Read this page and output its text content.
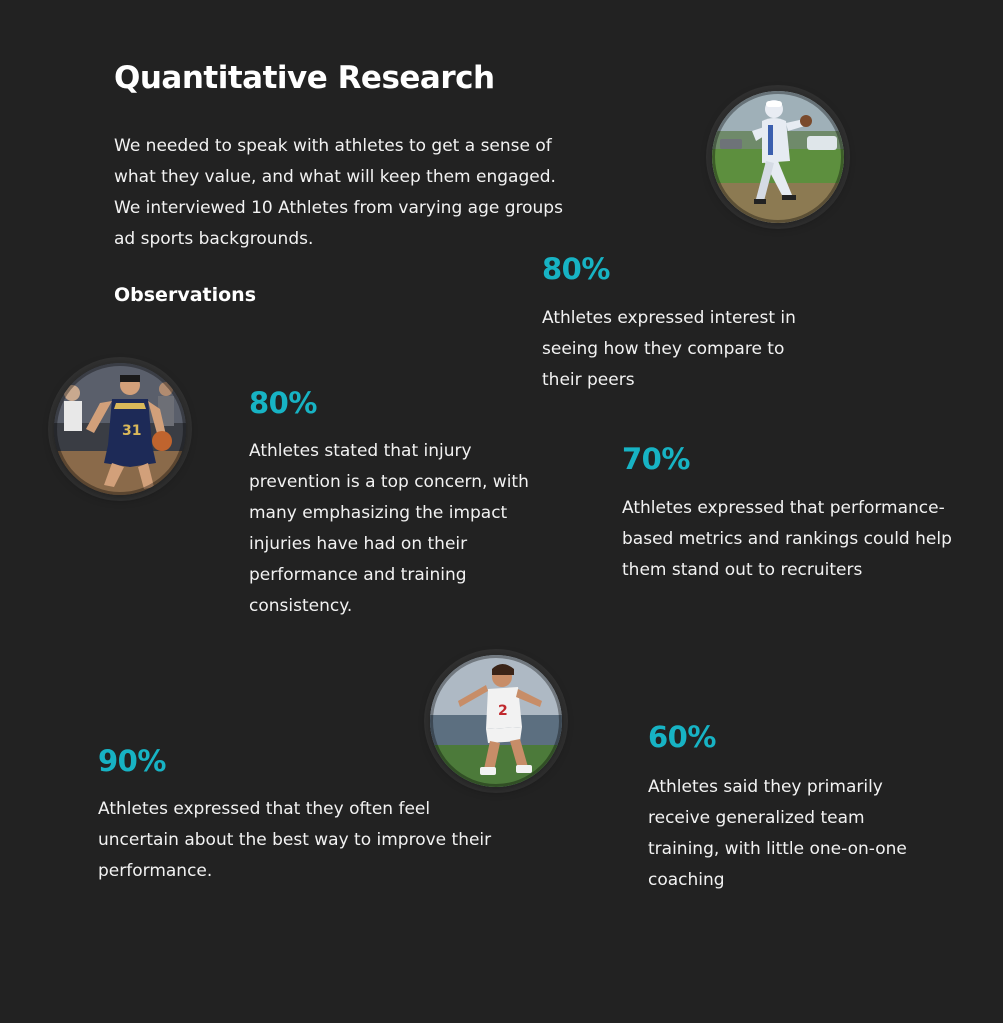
Quantitative Research

We needed to speak with athletes to get a sense of what they value, and what will keep them engaged. We interviewed 10 Athletes from varying age groups ad sports backgrounds.

Observations
80%

Athletes expressed interest in seeing how they compare to their peers

31
80%

Athletes stated that injury prevention is a top concern, with many emphasizing the impact injuries have had on their performance and training consistency.

70%

Athletes expressed that performance-based metrics and rankings could help them stand out to recruiters

2
90%

Athletes expressed that they often feel uncertain about the best way to improve their performance.

60%

Athletes said they primarily receive generalized team training, with little one-on-one coaching
